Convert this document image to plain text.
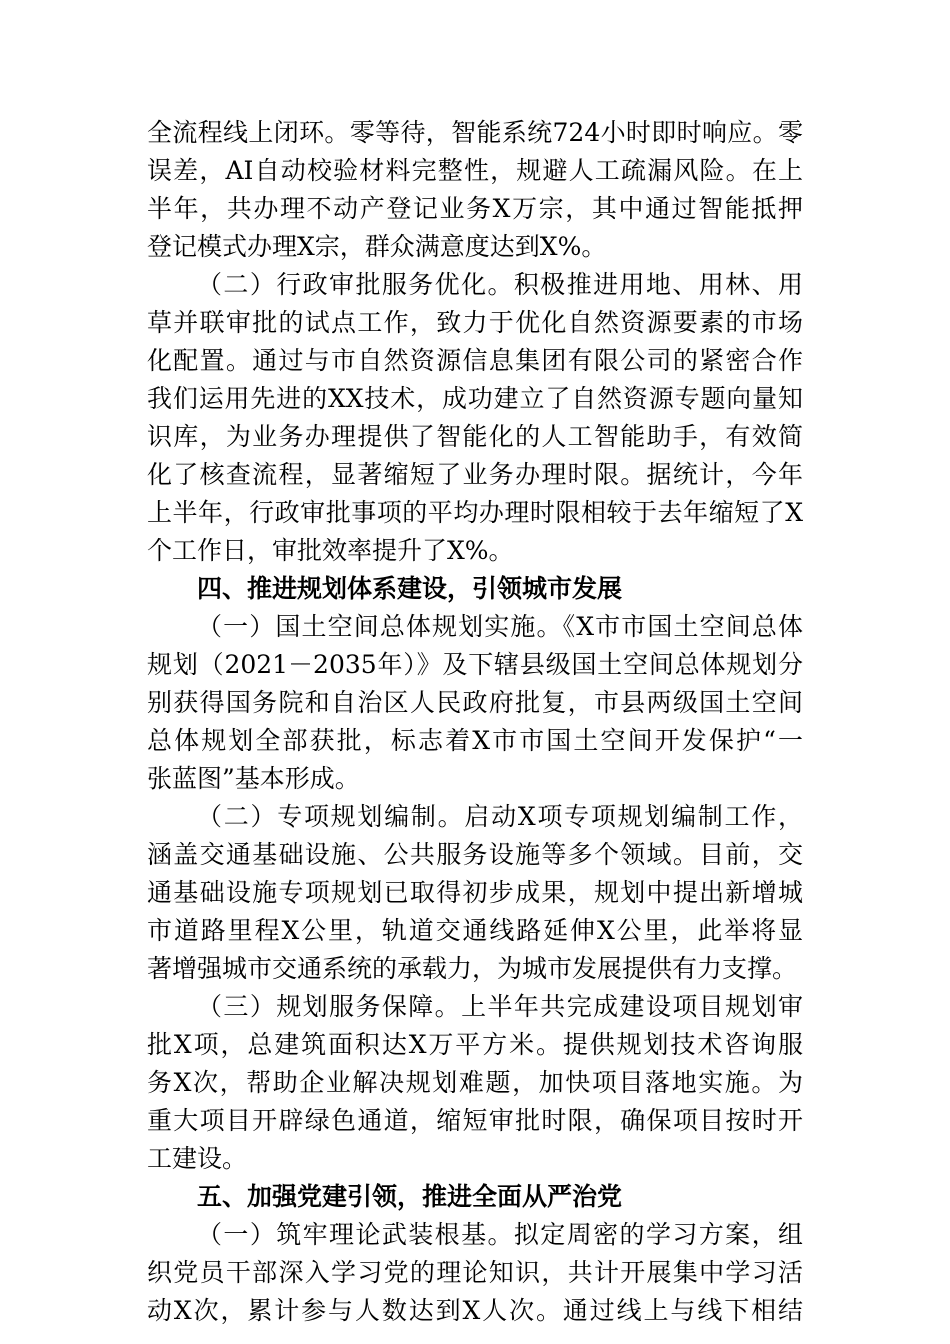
全流程线上闭环。零等待，智能系统724小时即时响应。零
误差，AI自动校验材料完整性，规避人工疏漏风险。在上
半年，共办理不动产登记业务X万宗，其中通过智能抵押
登记模式办理X宗，群众满意度达到X%。
（二）行政审批服务优化。积极推进用地、用林、用
草并联审批的试点工作，致力于优化自然资源要素的市场
化配置。通过与市自然资源信息集团有限公司的紧密合作
我们运用先进的XX技术，成功建立了自然资源专题向量知
识库，为业务办理提供了智能化的人工智能助手，有效简
化了核查流程，显著缩短了业务办理时限。据统计，今年
上半年，行政审批事项的平均办理时限相较于去年缩短了X
个工作日，审批效率提升了X%。
四、推进规划体系建设，引领城市发展
（一）国土空间总体规划实施。《X市市国土空间总体
规划（2021－2035年）》及下辖县级国土空间总体规划分
别获得国务院和自治区人民政府批复，市县两级国土空间
总体规划全部获批，标志着X市市国土空间开发保护“一
张蓝图”基本形成。
（二）专项规划编制。启动X项专项规划编制工作，
涵盖交通基础设施、公共服务设施等多个领域。目前，交
通基础设施专项规划已取得初步成果，规划中提出新增城
市道路里程X公里，轨道交通线路延伸X公里，此举将显
著增强城市交通系统的承载力，为城市发展提供有力支撑。
（三）规划服务保障。上半年共完成建设项目规划审
批X项，总建筑面积达X万平方米。提供规划技术咨询服
务X次，帮助企业解决规划难题，加快项目落地实施。为
重大项目开辟绿色通道，缩短审批时限，确保项目按时开
工建设。
五、加强党建引领，推进全面从严治党
（一）筑牢理论武装根基。拟定周密的学习方案，组
织党员干部深入学习党的理论知识，共计开展集中学习活
动X次，累计参与人数达到X人次。通过线上与线下相结
